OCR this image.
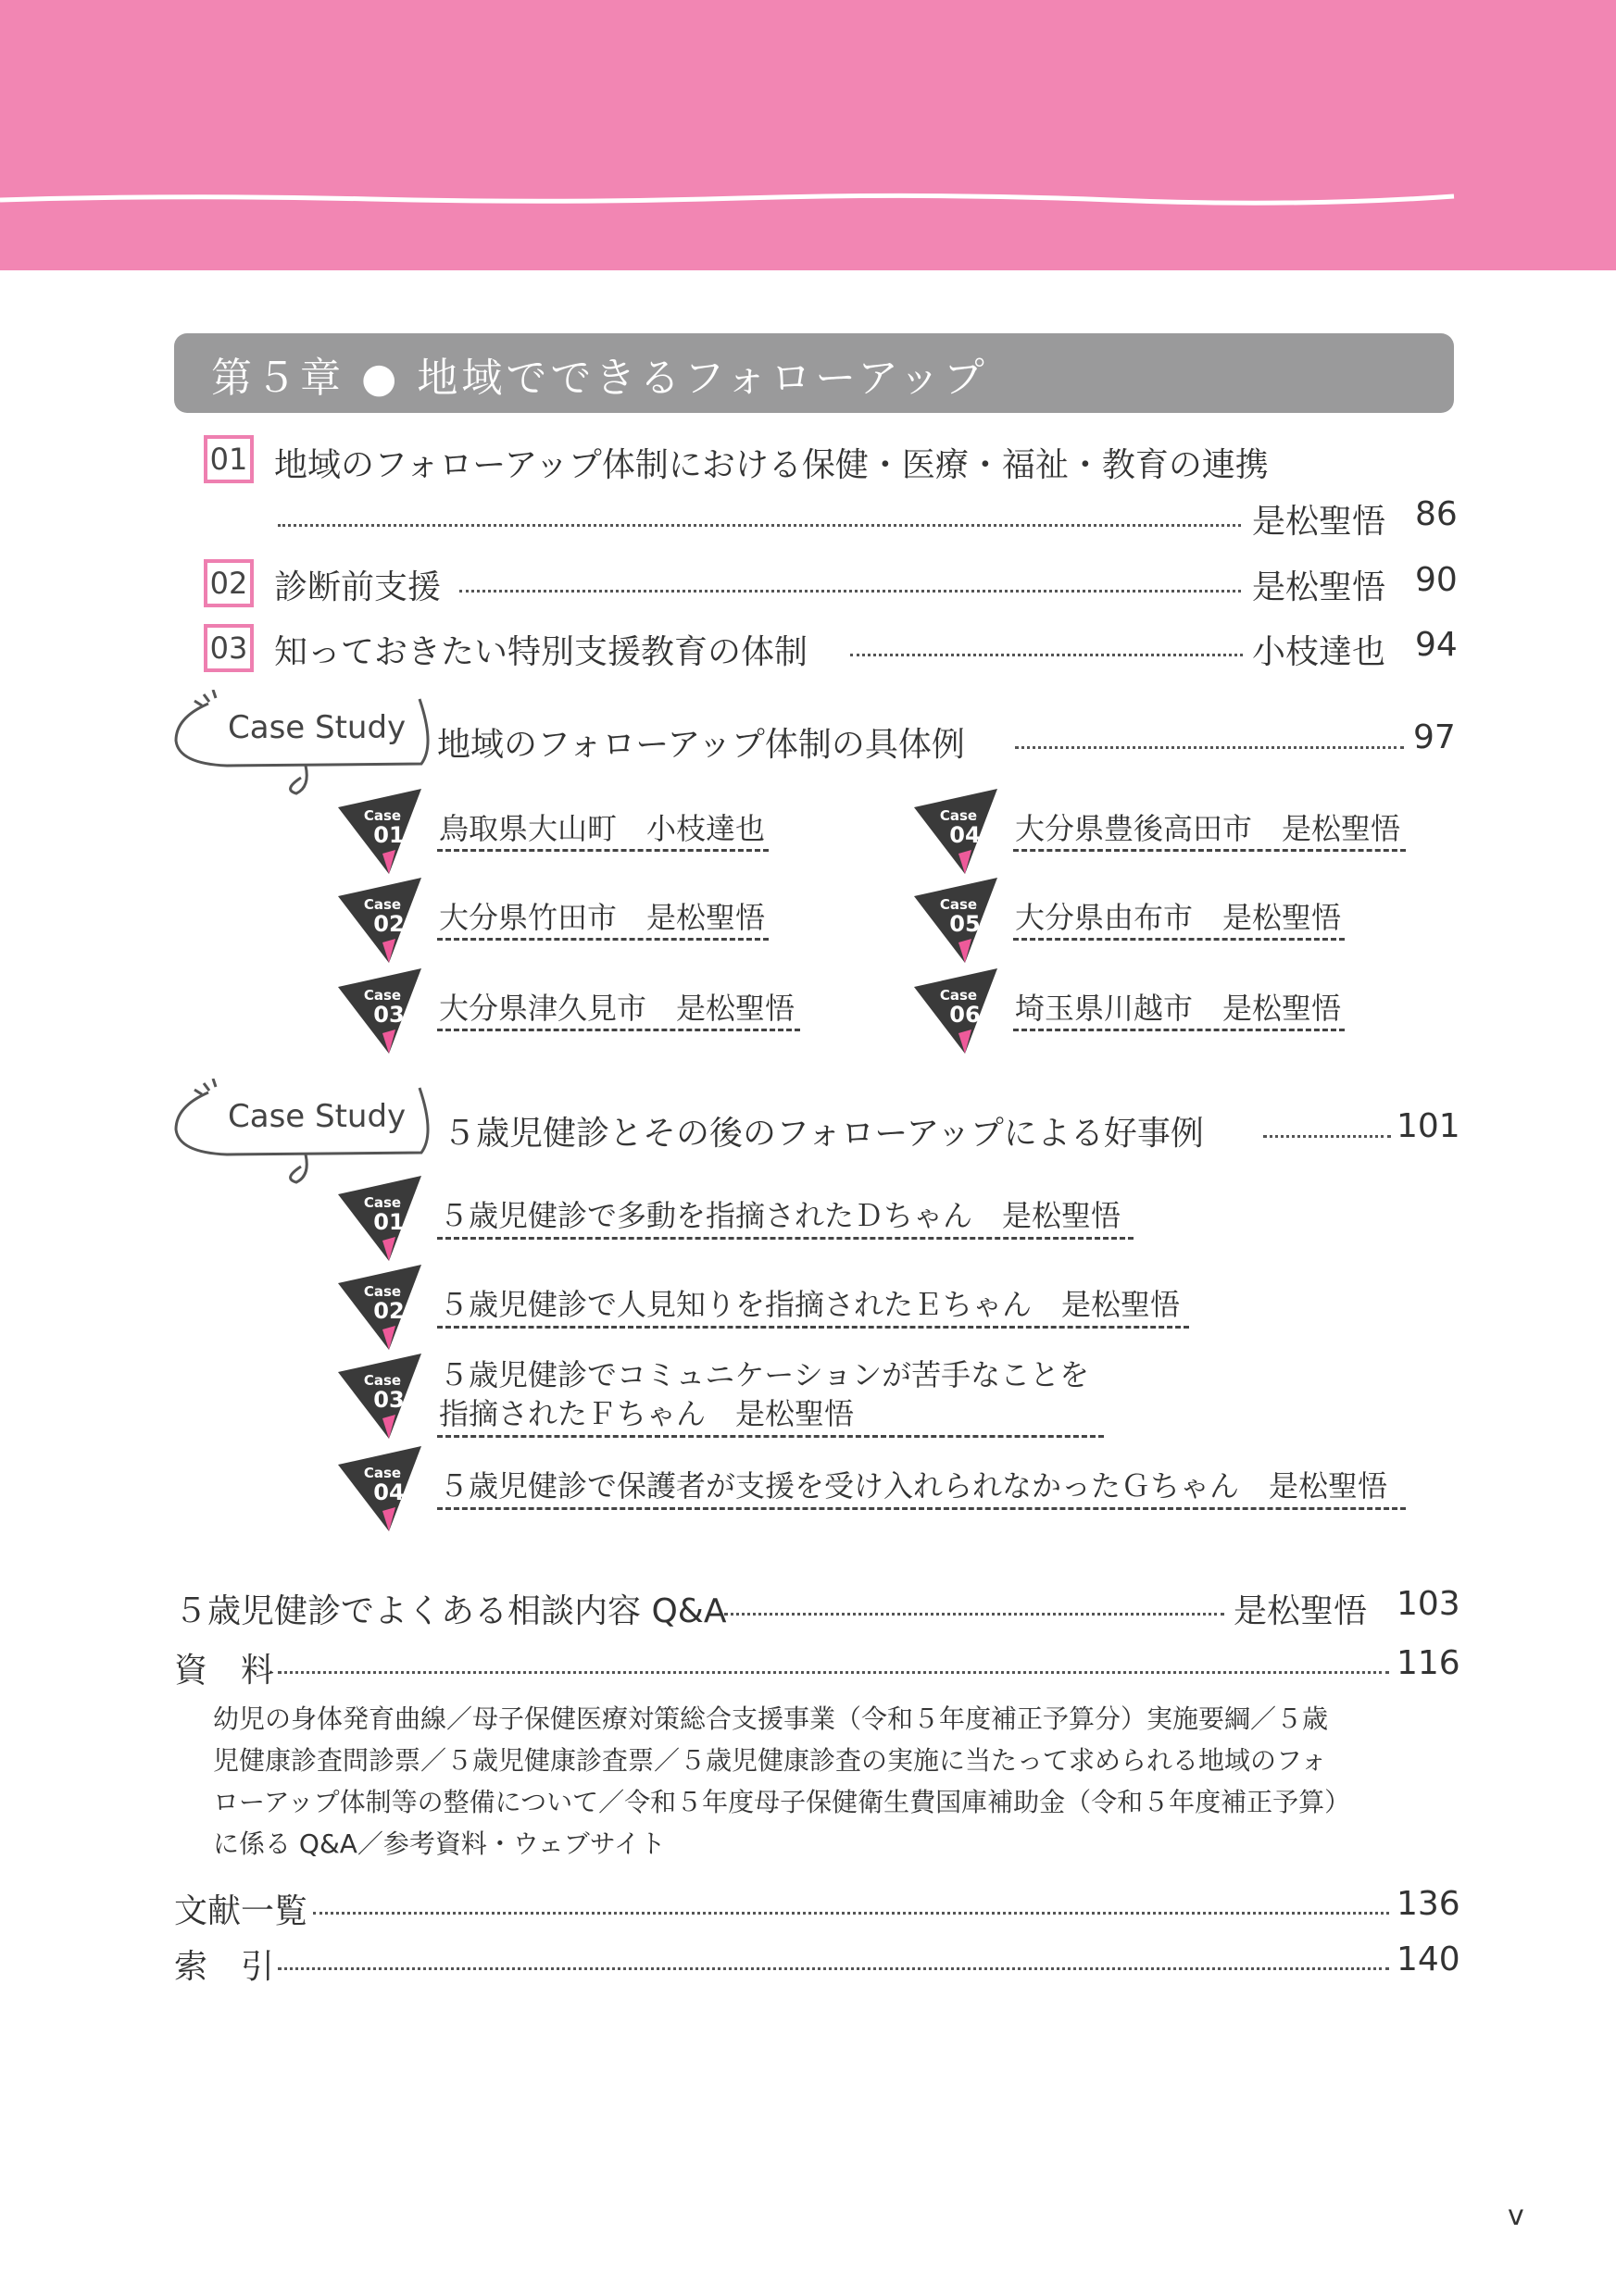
第５章 ● 地域でできるフォローアップ
01 地域のフォローアップ体制における保健・医療・福祉・教育の連携
是松聖悟 86
02 診断前支援	是松聖悟 90
03 知っておきたい特別支援教育の体制	小枝達也 94
Case Study 地域のフォローアップ体制の具体例	97
Case
01 鳥取県大山町　小枝達也
Case
02 大分県竹田市　是松聖悟
Case
03 大分県津久見市　是松聖悟
Case
04 大分県豊後高田市　是松聖悟
Case
05 大分県由布市　是松聖悟
Case
06 埼玉県川越市　是松聖悟
Case Study ５歳児健診とその後のフォローアップによる好事例	101
Case
01 ５歳児健診で多動を指摘されたＤちゃん　是松聖悟
Case
02 ５歳児健診で人見知りを指摘されたＥちゃん　是松聖悟
Case
03
５歳児健診でコミュニケーションが苦手なことを
指摘されたＦちゃん　是松聖悟
Case
04 ５歳児健診で保護者が支援を受け入れられなかったＧちゃん　是松聖悟
５歳児健診でよくある相談内容 Q&A	是松聖悟 103
資　料	116
幼児の身体発育曲線／母子保健医療対策総合支援事業（令和５年度補正予算分）実施要綱／５歳
児健康診査問診票／５歳児健康診査票／５歳児健康診査の実施に当たって求められる地域のフォ
ローアップ体制等の整備について／令和５年度母子保健衛生費国庫補助金（令和５年度補正予算）
に係る Q&A／参考資料・ウェブサイト
文献一覧	136
索　引	140
v
